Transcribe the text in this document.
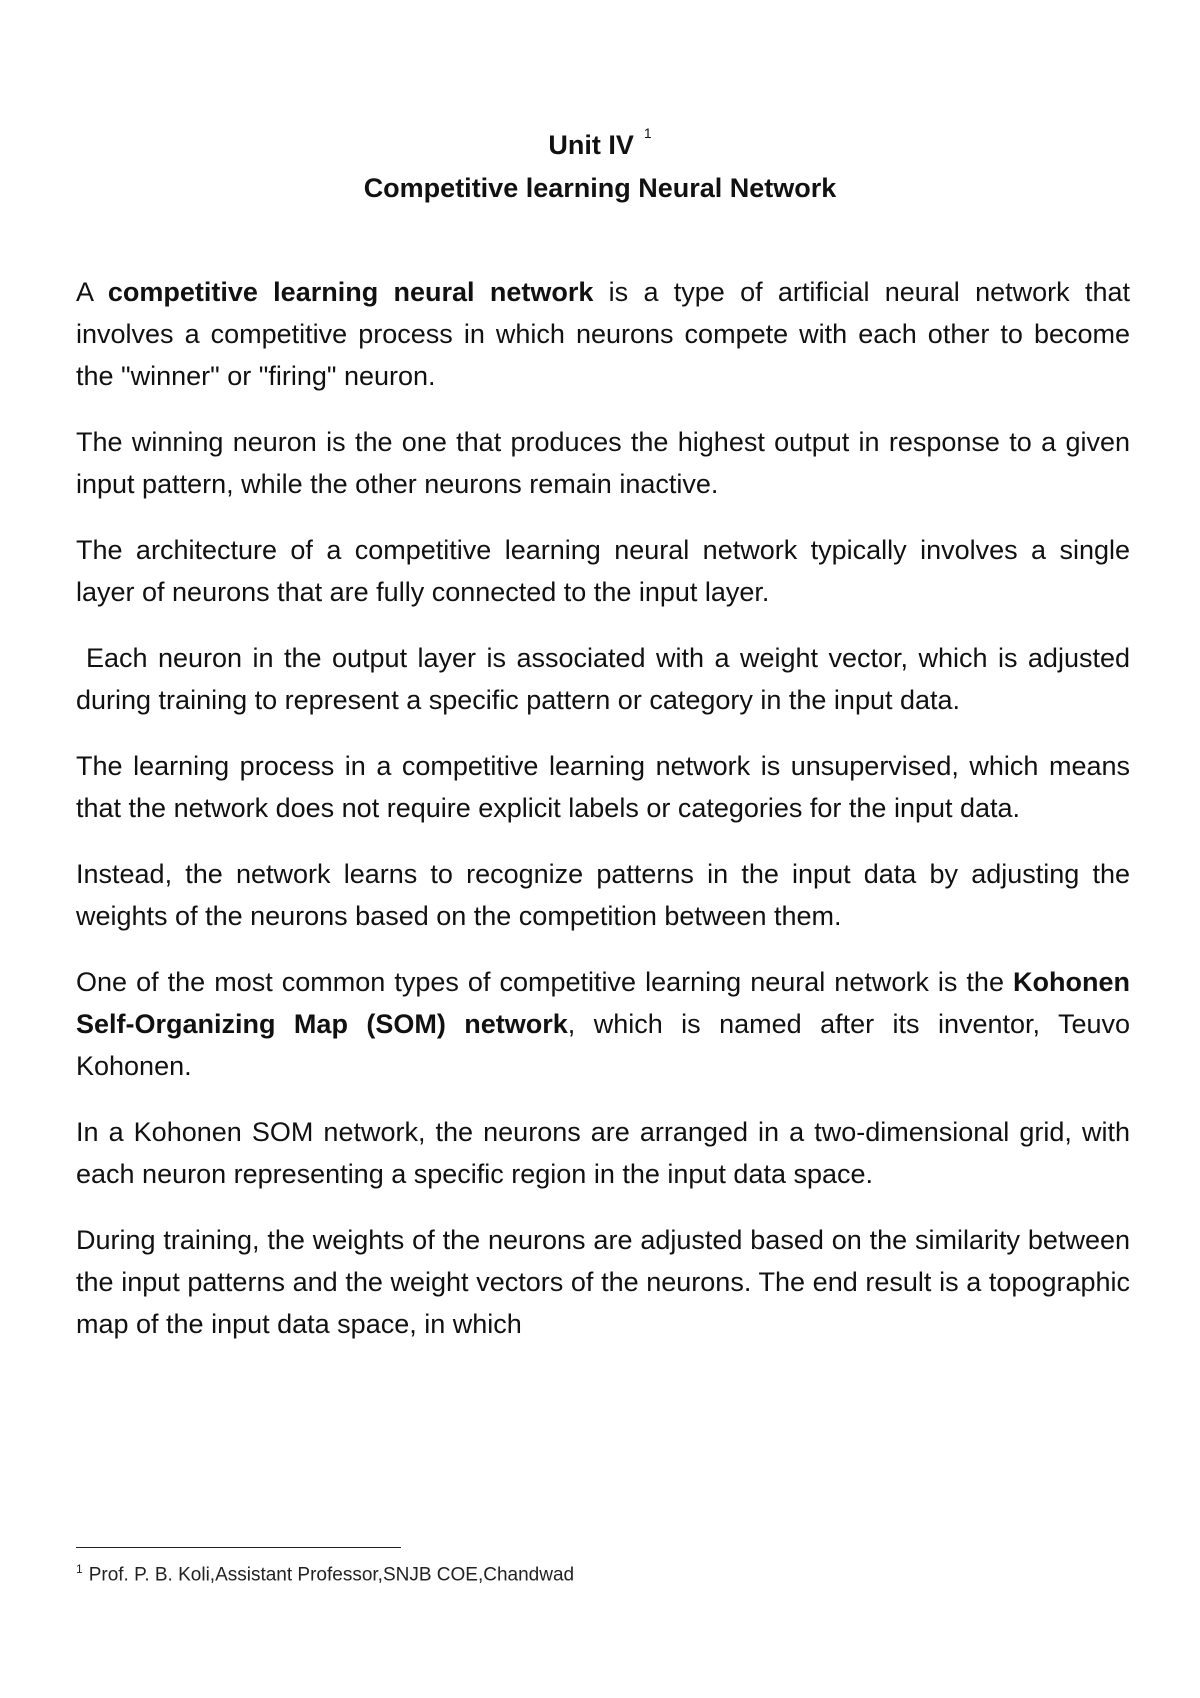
Unit IV $^1$
Competitive learning Neural Network

A competitive learning neural network is a type of artificial neural network that involves a competitive process in which neurons compete with each other to become the "winner" or "firing" neuron.

The winning neuron is the one that produces the highest output in response to a given input pattern, while the other neurons remain inactive.

The architecture of a competitive learning neural network typically involves a single layer of neurons that are fully connected to the input layer.

Each neuron in the output layer is associated with a weight vector, which is adjusted during training to represent a specific pattern or category in the input data.

The learning process in a competitive learning network is unsupervised, which means that the network does not require explicit labels or categories for the input data.

Instead, the network learns to recognize patterns in the input data by adjusting the weights of the neurons based on the competition between them.

One of the most common types of competitive learning neural network is the Kohonen Self-Organizing Map (SOM) network, which is named after its inventor, Teuvo Kohonen.

In a Kohonen SOM network, the neurons are arranged in a two-dimensional grid, with each neuron representing a specific region in the input data space.

During training, the weights of the neurons are adjusted based on the similarity between the input patterns and the weight vectors of the neurons. The end result is a topographic map of the input data space, in which

$^1$ Prof. P. B. Koli,Assistant Professor,SNJB COE,Chandwad
